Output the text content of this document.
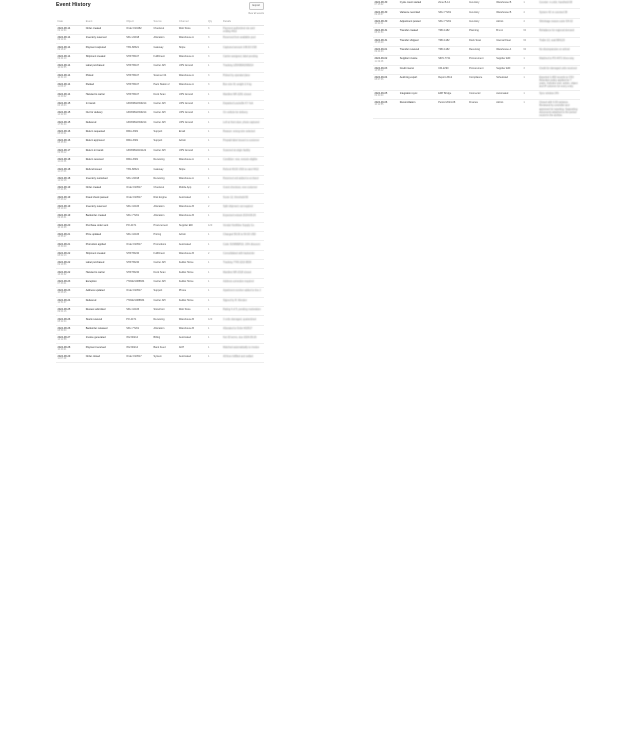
Event History	Export
View all events
Date	Event	Object	Source	Channel	Qty	Details
2024-08-14
09:12:04	Order created	Order #10482	Checkout	Web Store	3	Payment authorized via card ending 4412
2024-08-14
09:12:41	Inventory reserved	SKU-22918	Allocation	Warehouse A	3	Reserved from available pool
2024-08-14
09:18:27	Payment captured	TXN-88321	Gateway	Stripe	1	Captured amount 148.00 USD
2024-08-14
09:44:10	Shipment created	SHP-55107	Fulfillment	Warehouse A	3	Carrier assigned, label pending
2024-08-14
10:02:55	Label purchased	SHP-55107	Carrier API	UPS Ground	1	Tracking 1Z9X88A0399214
2024-08-14
10:31:19	Picked	SHP-55107	Scanner 04	Warehouse A	3	Picked by operator jlane
2024-08-14
11:05:47	Packed	SHP-55107	Pack Station 2	Warehouse A	3	Box size M, weight 2.4 kg
2024-08-14
12:40:02	Handed to carrier	SHP-55107	Dock Scan	UPS Ground	1	Manifest MF-2291 closed
2024-08-15
06:18:33	In transit	1Z9X88A0399214	Carrier API	UPS Ground	1	Departed Louisville KY hub
2024-08-15
14:22:09	Out for delivery	1Z9X88A0399214	Carrier API	UPS Ground	1	On vehicle for delivery
2024-08-15
17:51:44	Delivered	1Z9X88A0399214	Carrier API	UPS Ground	1	Left at front door, photo captured
2024-08-16
08:09:21	Return requested	RMA-3381	Support	Email	1	Reason: wrong size selected
2024-08-16
08:35:50	Return approved	RMA-3381	Support	Admin	1	Prepaid label issued to customer
2024-08-17
09:58:12	Return in transit	1Z9X88A0401122	Carrier API	UPS Ground	1	Scanned at origin facility
2024-08-18
11:24:36	Return received	RMA-3381	Receiving	Warehouse A	1	Condition: new, restock eligible
2024-08-18
11:47:03	Refund issued	TXN-88321	Gateway	Stripe	1	Refund 49.00 USD to card 4412
2024-08-18
12:02:18	Inventory restocked	SKU-22918	Receiving	Warehouse A	1	Returned unit added to on-hand
2024-08-19
07:41:55	Order created	Order #10517	Checkout	Mobile App	2	Guest checkout, new customer
2024-08-19
07:43:12	Fraud check passed	Order #10517	Risk Engine	Automated	1	Score 12, threshold 60
2024-08-19
08:10:40	Inventory reserved	SKU-10433	Allocation	Warehouse B	2	Split shipment not required
2024-08-19
09:26:31	Backorder created	SKU-77201	Allocation	Warehouse B	1	Expected restock 2024-08-26
2024-08-20
10:14:08	Purchase order sent	PO-4471	Procurement	Supplier EDI	120	Vendor Northline Supply Co.
2024-08-21
13:55:27	Price updated	SKU-10433	Pricing	Admin	1	Changed 59.00 to 54.00 USD
2024-08-21
15:30:49	Promotion applied	Order #10517	Promotions	Automated	1	Code SUMMER10, 10% discount
2024-08-22
08:02:13	Shipment created	SHP-55240	Fulfillment	Warehouse B	2	Consolidated with backorder
2024-08-22
09:19:56	Label purchased	SHP-55240	Carrier API	FedEx Home	1	Tracking 7749 2210 8834
2024-08-22
16:44:02	Handed to carrier	SHP-55240	Dock Scan	FedEx Home	1	Manifest MF-2318 closed
2024-08-23
07:33:41	Exception	7749221088834	Carrier API	FedEx Home	1	Address correction required
2024-08-23
10:08:25	Address updated	Order #10517	Support	Phone	1	Apartment number added to line 2
2024-08-24
12:51:37	Delivered	7749221088834	Carrier API	FedEx Home	1	Signed by R. Mendez
2024-08-25
09:04:16	Review submitted	SKU-10433	Storefront	Web Store	1	Rating 4 of 5, pending moderation
2024-08-26
08:22:44	Stock received	PO-4471	Receiving	Warehouse B	120	3 units damaged, quarantined
2024-08-26
08:59:30	Backorder released	SKU-77201	Allocation	Warehouse B	1	Allocated to Order #10517
2024-08-27
14:12:58	Invoice generated	INV-90214	Billing	Automated	1	Net 30 terms, due 2024-09-26
2024-08-28
10:40:21	Payment received	INV-90214	Bank Feed	ACH	1	Matched automatically to invoice
2024-08-29
11:07:49	Order closed	Order #10517	System	Automated	1	All lines fulfilled and settled
2024-08-30
07:15:02	Cycle count started	Zone B-14	Inventory	Warehouse B	1	Counter: m.ortiz, handheld 08
2024-08-30
09:48:37	Variance recorded	SKU-77201	Inventory	Warehouse B	4	System 42 vs counted 38
2024-08-30
10:22:11	Adjustment posted	SKU-77201	Inventory	Admin	4	Shrinkage reason code SH-02
2024-08-31
08:31:54	Transfer created	TRN-1182	Planning	B to A	60	Rebalance for regional demand
2024-08-31
15:06:29	Transfer shipped	TRN-1182	Dock Scan	Internal Fleet	60	Trailer 22, seal 884120
2024-09-01
09:44:03	Transfer received	TRN-1182	Receiving	Warehouse A	60	No discrepancies on arrival
2024-09-02
11:19:48	Supplier invoice	SINV-7741	Procurement	Supplier EDI	1	Matched to PO-4471 three-way
2024-09-03
13:55:12	Credit memo	CM-2290	Procurement	Supplier EDI	3	Credit for damaged units received
2024-09-04
08:07:36	Audit log export	Report-3312	Compliance	Scheduled	1	Exported 1,482 records to CSV. Retention policy applied for 7 years. Includes user, action, object and IP columns for every entry.
2024-09-05
09:30:00	Integration sync	ERP Bridge	Connector	Automated	1	Sync window 24h
2024-09-06
10:12:55	Reconciliation	Period 2024-08	Finance	Admin	1	Closed with 0.00 variance. Reviewed by controller and approved for reporting. Supporting documents attached to the period record in the archive.
